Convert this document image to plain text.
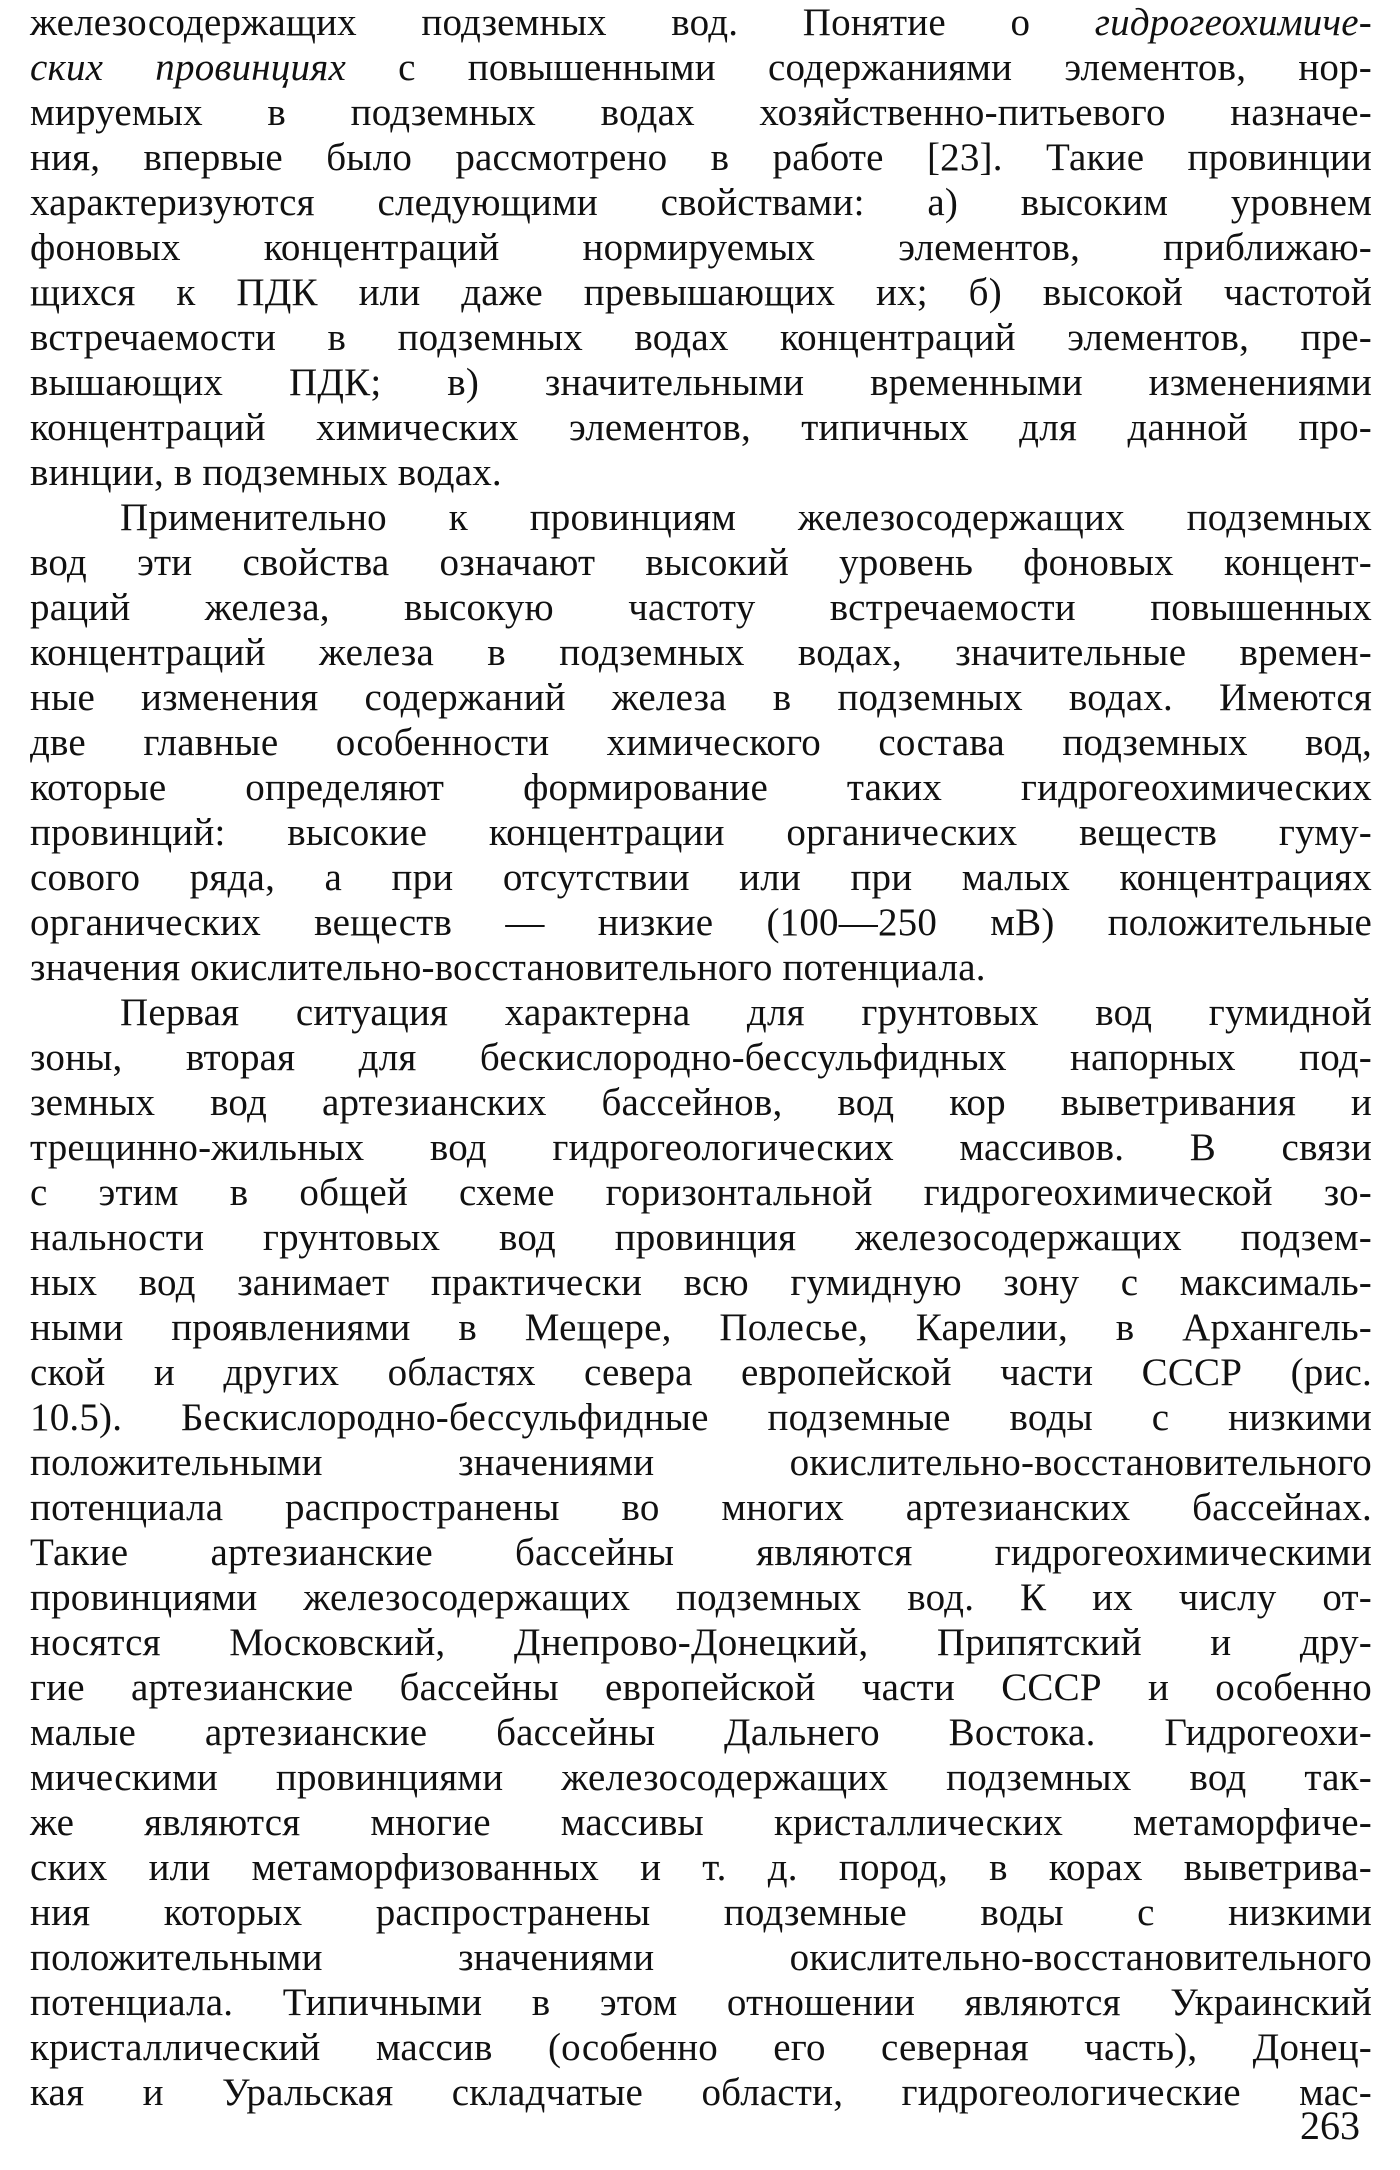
железосодержащих подземных вод. Понятие о гидрогеохимиче-
ских провинциях с повышенными содержаниями элементов, нор-
мируемых в подземных водах хозяйственно-питьевого назначе-
ния, впервые было рассмотрено в работе [23]. Такие провинции
характеризуются следующими свойствами: а) высоким уровнем
фоновых концентраций нормируемых элементов, приближаю-
щихся к ПДК или даже превышающих их; б) высокой частотой
встречаемости в подземных водах концентраций элементов, пре-
вышающих ПДК; в) значительными временными изменениями
концентраций химических элементов, типичных для данной про-
винции, в подземных водах.
Применительно к провинциям железосодержащих подземных
вод эти свойства означают высокий уровень фоновых концент-
раций железа, высокую частоту встречаемости повышенных
концентраций железа в подземных водах, значительные времен-
ные изменения содержаний железа в подземных водах. Имеются
две главные особенности химического состава подземных вод,
которые определяют формирование таких гидрогеохимических
провинций: высокие концентрации органических веществ гуму-
сового ряда, а при отсутствии или при малых концентрациях
органических веществ — низкие (100—250 мВ) положительные
значения окислительно-восстановительного потенциала.
Первая ситуация характерна для грунтовых вод гумидной
зоны, вторая для бескислородно-бессульфидных напорных под-
земных вод артезианских бассейнов, вод кор выветривания и
трещинно-жильных вод гидрогеологических массивов. В связи
с этим в общей схеме горизонтальной гидрогеохимической зо-
нальности грунтовых вод провинция железосодержащих подзем-
ных вод занимает практически всю гумидную зону с максималь-
ными проявлениями в Мещере, Полесье, Карелии, в Архангель-
ской и других областях севера европейской части СССР (рис.
10.5). Бескислородно-бессульфидные подземные воды с низкими
положительными значениями окислительно-восстановительного
потенциала распространены во многих артезианских бассейнах.
Такие артезианские бассейны являются гидрогеохимическими
провинциями железосодержащих подземных вод. К их числу от-
носятся Московский, Днепрово-Донецкий, Припятский и дру-
гие артезианские бассейны европейской части СССР и особенно
малые артезианские бассейны Дальнего Востока. Гидрогеохи-
мическими провинциями железосодержащих подземных вод так-
же являются многие массивы кристаллических метаморфиче-
ских или метаморфизованных и т. д. пород, в корах выветрива-
ния которых распространены подземные воды с низкими
положительными значениями окислительно-восстановительного
потенциала. Типичными в этом отношении являются Украинский
кристаллический массив (особенно его северная часть), Донец-
кая и Уральская складчатые области, гидрогеологические мас-
263
